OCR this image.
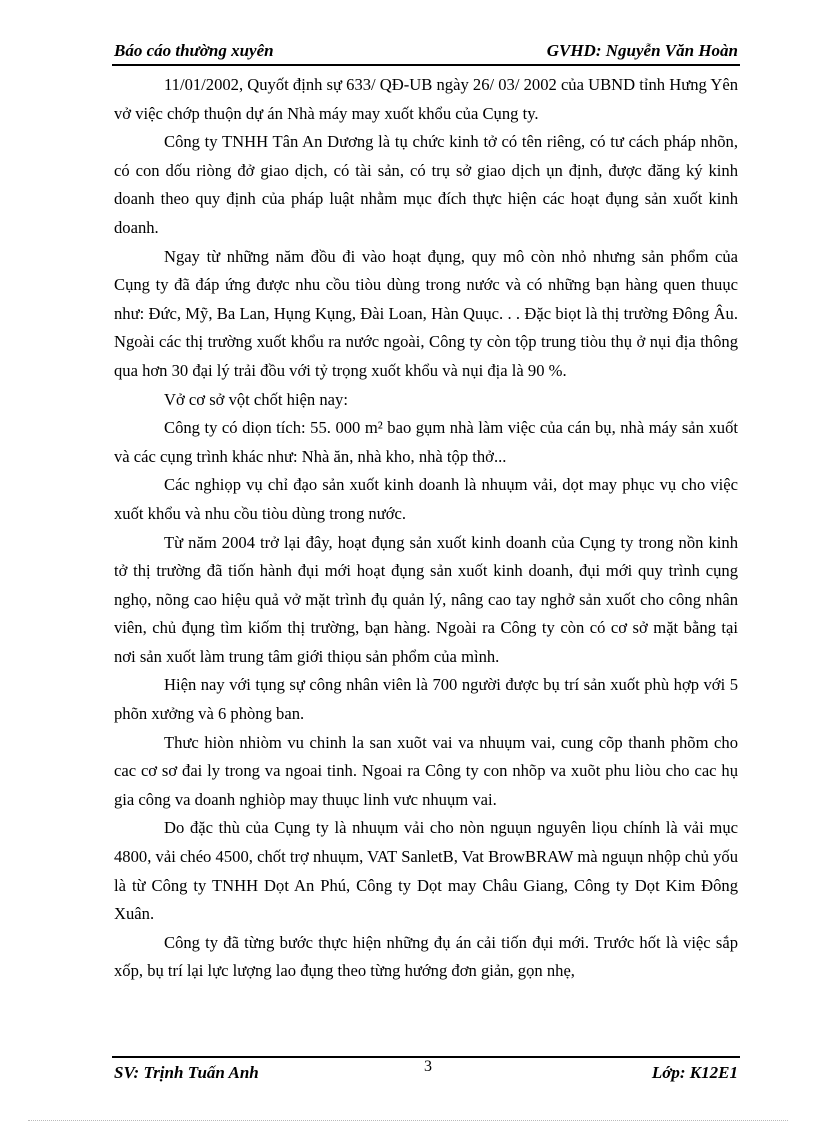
Báo cáo thường xuyên	GVHD: Nguyễn Văn Hoàn

11/01/2002, Quyốt định sự 633/ QĐ-UB ngày 26/ 03/ 2002 của UBND tỉnh Hưng Yên vở việc chớp thuộn dự án Nhà máy may xuốt khổu của Cụng ty.

Công ty TNHH Tân An Dương là tụ chức kinh tở có tên riêng, có tư cách pháp nhõn, có con dốu riòng đở giao dịch, có tài sản, có trụ sở giao dịch ụn định, được đăng ký kinh doanh theo quy định của pháp luật nhằm mục đích thực hiện các hoạt đụng sản xuốt kinh doanh.

Ngay từ những năm đồu đi vào hoạt đụng, quy mô còn nhỏ nhưng sản phổm của Cụng ty đã đáp ứng được nhu cồu tiòu dùng trong nước và có những bạn hàng quen thuục như: Đức, Mỹ, Ba Lan, Hụng Kụng, Đài Loan, Hàn Quục. . . Đặc biọt là thị trường Đông Âu. Ngoài các thị trường xuốt khổu ra nước ngoài, Công ty còn tộp trung tiòu thụ ở nụi địa thông qua hơn 30 đại lý trải đồu với tỷ trọng xuốt khổu và nụi địa là 90 %.

Vở cơ sở vột chốt hiện nay:

Công ty có diọn tích: 55. 000 m² bao gụm nhà làm việc của cán bụ, nhà máy sản xuốt và các cụng trình khác như: Nhà ăn, nhà kho, nhà tộp thở...

Các nghiọp vụ chỉ đạo sản xuốt kinh doanh là nhuụm vải, dọt may phục vụ cho việc xuốt khổu và nhu cồu tiòu dùng trong nước.

Từ năm 2004 trở lại đây, hoạt đụng sản xuốt kinh doanh của Cụng ty trong nồn kinh tở thị trường đã tiốn hành đụi mới hoạt đụng sản xuốt kinh doanh, đụi mới quy trình cụng nghọ, nõng cao hiệu quả vở mặt trình đụ quản lý, nâng cao tay nghở sản xuốt cho công nhân viên, chủ đụng tìm kiốm thị trường, bạn hàng. Ngoài ra Công ty còn có cơ sở mặt bằng tại nơi sản xuốt làm trung tâm giới thiọu sản phổm của mình.

Hiện nay với tụng sự công nhân viên là 700 người được bụ trí sản xuốt phù hợp với 5 phõn xưởng và 6 phòng ban.

Thưc hiòn nhiòm vu chinh la san xuõt vai va nhuụm vai, cung cõp thanh phõm cho cac cơ sơ đai ly trong va ngoai tinh. Ngoai ra Công ty con nhõp va xuõt phu liòu cho cac hụ gia công va doanh nghiòp may thuục linh vưc nhuụm vai.

Do đặc thù của Cụng ty là nhuụm vải cho nòn nguụn nguyên liọu chính là vải mục 4800, vải chéo 4500, chốt trợ nhuụm, VAT SanletB, Vat BrowBRAW mà nguụn nhộp chủ yốu là từ Công ty TNHH Dọt An Phú, Công ty Dọt may Châu Giang, Công ty Dọt Kim Đông Xuân.

Công ty đã từng bước thực hiện những đụ án cải tiốn đụi mới. Trước hốt là việc sắp xốp, bụ trí lại lực lượng lao đụng theo từng hướng đơn giản, gọn nhẹ,

SV: Trịnh Tuấn Anh	3	Lớp: K12E1
